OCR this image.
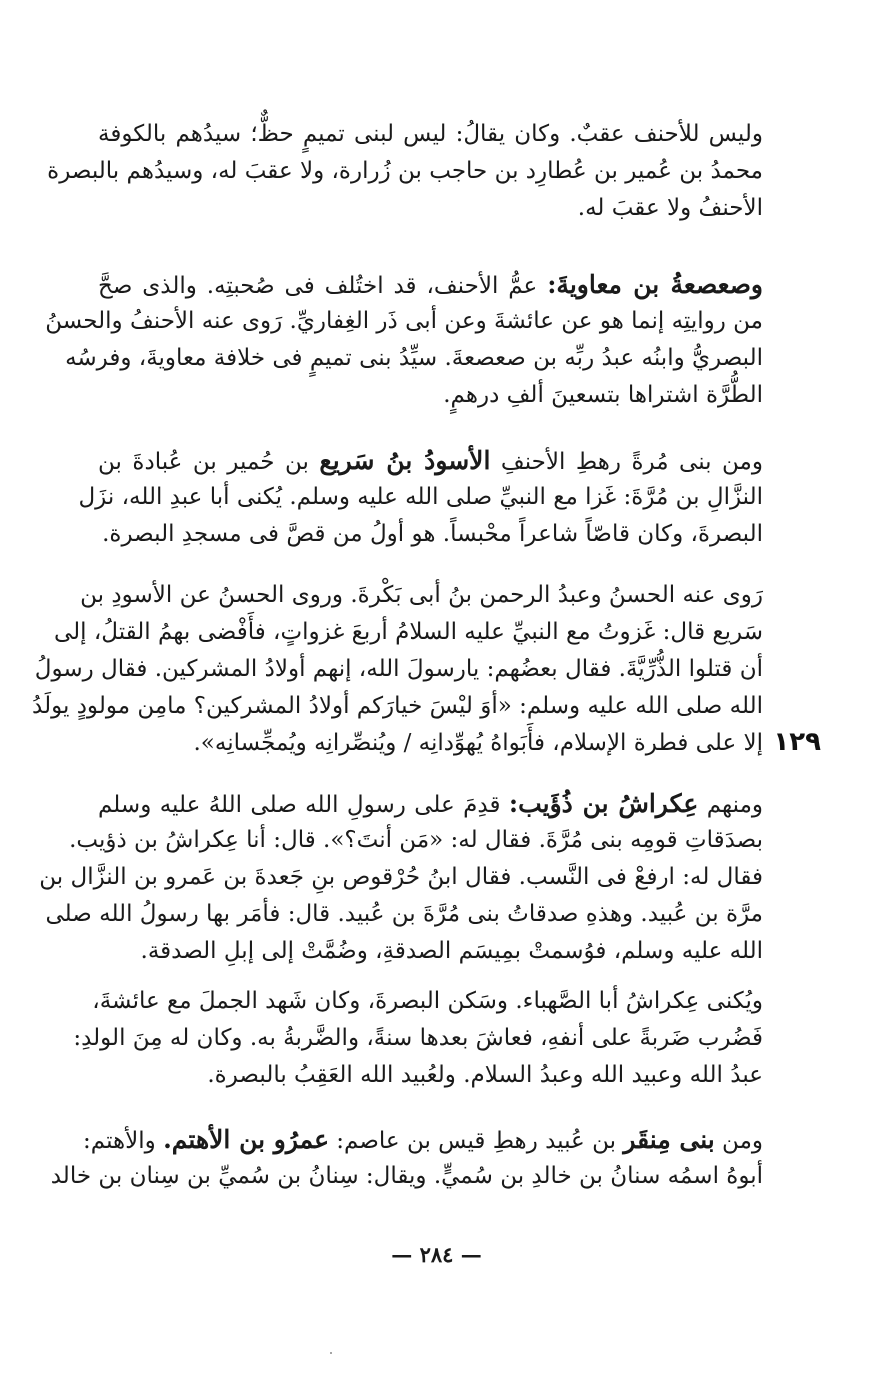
وليس للأحنف عقبٌ. وكان يقالُ: ليس لبنى تميمٍ حظٌّ؛ سيدُهم بالكوفة
محمدُ بن عُمير بن عُطارِد بن حاجب بن زُرارة، ولا عقبَ له، وسيدُهم بالبصرة
الأحنفُ ولا عقبَ له.
وصعصعةُ بن معاويةَ: عمُّ الأحنف، قد اختُلف فى صُحبتِه. والذى صحَّ
من روايتِه إنما هو عن عائشةَ وعن أبى ذَر الغِفاريِّ. رَوى عنه الأحنفُ والحسنُ
البصريُّ وابنُه عبدُ ربِّه بن صعصعةَ. سيِّدُ بنى تميمٍ فى خلافة معاويةَ، وفرسُه
الطُّرَّة اشتراها بتسعينَ ألفِ درهمٍ.
ومن بنى مُرةً رهطِ الأحنفِ الأسودُ بنُ سَريع بن حُمير بن عُبادةَ بن
النزَّالِ بن مُرَّةَ: غَزا مع النبيِّ صلى الله عليه وسلم. يُكنى أبا عبدِ الله، نزَل
البصرةَ، وكان قاصّاً شاعراً محْبساً. هو أولُ من قصَّ فى مسجدِ البصرة.
رَوى عنه الحسنُ وعبدُ الرحمن بنُ أبى بَكْرةَ. وروى الحسنُ عن الأسودِ بن
سَريع قال: غَزوتُ مع النبيِّ عليه السلامُ أربعَ غزواتٍ، فأَفْضى بهمُ القتلُ، إلى
أن قتلوا الذُّرِّيَّةَ. فقال بعضُهم: يارسولَ الله، إنهم أولادُ المشركين. فقال رسولُ
الله صلى الله عليه وسلم: «أوَ ليْسَ خيارَكم أولادُ المشركين؟ مامِن مولودٍ يولَدُ
إلا على فطرة الإسلام، فأَبَواهُ يُهوِّدانِه / ويُنصِّرانِه ويُمجِّسانِه».
ومنهم عِكراشُ بن ذُؤَيب: قدِمَ على رسولِ الله صلى اللهُ عليه وسلم
بصدَقاتِ قومِه بنى مُرَّةَ. فقال له: «مَن أنتَ؟». قال: أنا عِكراشُ بن ذؤيب.
فقال له: ارفعْ فى النَّسب. فقال ابنُ حُرْقوص بنِ جَعدةَ بن عَمرو بن النزَّال بن
مرَّة بن عُبيد. وهذهِ صدقاتُ بنى مُرَّةَ بن عُبيد. قال: فأمَر بها رسولُ الله صلى
الله عليه وسلم، فوُسمتْ بمِيسَم الصدقةِ، وضُمَّتْ إلى إبلِ الصدقة.
ويُكنى عِكراشُ أبا الصَّهباء. وسَكن البصرةَ، وكان شَهد الجملَ مع عائشةَ،
فَضُرب ضَربةً على أنفهِ، فعاشَ بعدها سنةً، والضَّربةُ به. وكان له مِنَ الولدِ:
عبدُ الله وعبيد الله وعبدُ السلام. ولعُبيد الله العَقِبُ بالبصرة.
ومن بنى مِنقَر بن عُبيد رهطِ قيس بن عاصم: عمرُو بن الأهتم. والأهتم:
أبوهُ اسمُه سنانُ بن خالدِ بن سُميٍّ. ويقال: سِنانُ بن سُميِّ بن سِنان بن خالد
١٢٩
— ٢٨٤ —
